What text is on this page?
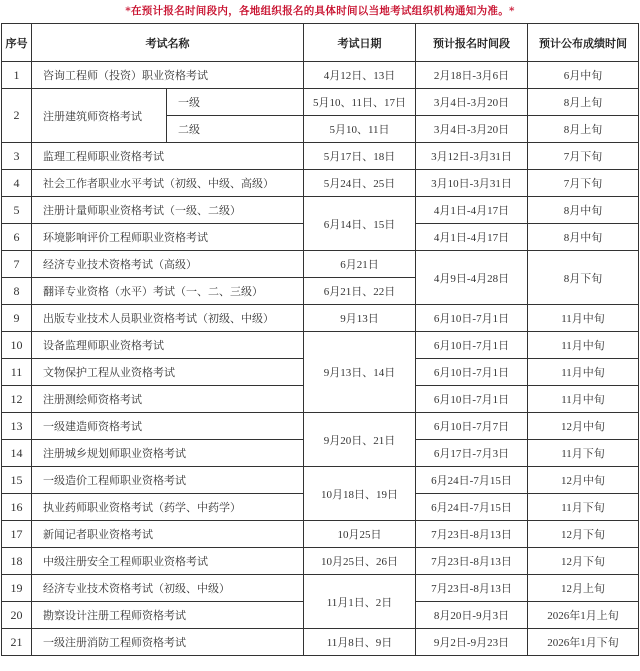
*在预计报名时间段内，各地组织报名的具体时间以当地考试组织机构通知为准。*
序号	考试名称		考试日期	预计报名时间段	预计公布成绩时间
1	咨询工程师（投资）职业资格考试		4月12日、13日	2月18日-3月6日	6月中旬
2	注册建筑师资格考试	一级	5月10、11日、17日	3月4日-3月20日	8月上旬
		二级	5月10、11日	3月4日-3月20日	8月上旬
3	监理工程师职业资格考试		5月17日、18日	3月12日-3月31日	7月下旬
4	社会工作者职业水平考试（初级、中级、高级）		5月24日、25日	3月10日-3月31日	7月下旬
5	注册计量师职业资格考试（一级、二级）		6月14日、15日	4月1日-4月17日	8月中旬
6	环境影响评价工程师职业资格考试			4月1日-4月17日	8月中旬
7	经济专业技术资格考试（高级）		6月21日	4月9日-4月28日	8月下旬
8	翻译专业资格（水平）考试（一、二、三级）		6月21日、22日		
9	出版专业技术人员职业资格考试（初级、中级）		9月13日	6月10日-7月1日	11月中旬
10	设备监理师职业资格考试		9月13日、14日	6月10日-7月1日	11月中旬
11	文物保护工程从业资格考试			6月10日-7月1日	11月中旬
12	注册测绘师资格考试			6月10日-7月1日	11月中旬
13	一级建造师资格考试		9月20日、21日	6月10日-7月7日	12月中旬
14	注册城乡规划师职业资格考试			6月17日-7月3日	11月下旬
15	一级造价工程师职业资格考试		10月18日、19日	6月24日-7月15日	12月中旬
16	执业药师职业资格考试（药学、中药学）			6月24日-7月15日	11月下旬
17	新闻记者职业资格考试		10月25日	7月23日-8月13日	12月下旬
18	中级注册安全工程师职业资格考试		10月25日、26日	7月23日-8月13日	12月下旬
19	经济专业技术资格考试（初级、中级）		11月1日、2日	7月23日-8月13日	12月上旬
20	勘察设计注册工程师资格考试			8月20日-9月3日	2026年1月上旬
21	一级注册消防工程师资格考试		11月8日、9日	9月2日-9月23日	2026年1月下旬
